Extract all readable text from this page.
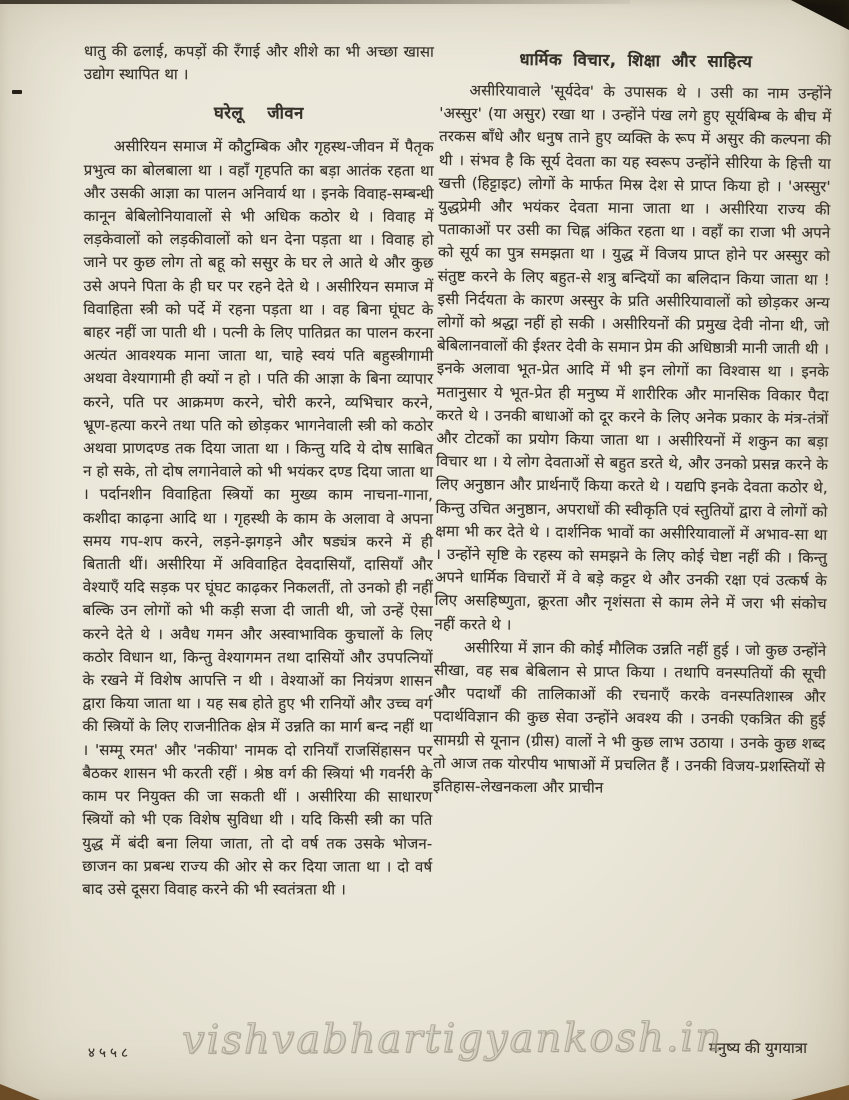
धातु की ढलाई, कपड़ों की रँगाई और शीशे का भी अच्छा खासा उद्योग स्थापित था ।

घरेलू जीवन

असीरियन समाज में कौटुम्बिक और गृहस्थ-जीवन में पैतृक प्रभुत्व का बोलबाला था । वहाँ गृहपति का बड़ा आतंक रहता था और उसकी आज्ञा का पालन अनिवार्य था । इनके विवाह-सम्बन्धी कानून बेबिलोनियावालों से भी अधिक कठोर थे । विवाह में लड़केवालों को लड़कीवालों को धन देना पड़ता था । विवाह हो जाने पर कुछ लोग तो बहू को ससुर के घर ले आते थे और कुछ उसे अपने पिता के ही घर पर रहने देते थे । असीरियन समाज में विवाहिता स्त्री को पर्दे में रहना पड़ता था । वह बिना घूंघट के बाहर नहीं जा पाती थी । पत्नी के लिए पातिव्रत का पालन करना अत्यंत आवश्यक माना जाता था, चाहे स्वयं पति बहुस्त्रीगामी अथवा वेश्यागामी ही क्यों न हो । पति की आज्ञा के बिना व्यापार करने, पति पर आक्रमण करने, चोरी करने, व्यभिचार करने, भ्रूण-हत्या करने तथा पति को छोड़कर भागनेवाली स्त्री को कठोर अथवा प्राणदण्ड तक दिया जाता था । किन्तु यदि ये दोष साबित न हो सके, तो दोष लगानेवाले को भी भयंकर दण्ड दिया जाता था । पर्दानशीन विवाहिता स्त्रियों का मुख्य काम नाचना-गाना, कशीदा काढ़ना आदि था । गृहस्थी के काम के अलावा वे अपना समय गप-शप करने, लड़ने-झगड़ने और षड्यंत्र करने में ही बिताती थीं। असीरिया में अविवाहित देवदासियाँ, दासियाँ और वेश्याएँ यदि सड़क पर घूंघट काढ़कर निकलतीं, तो उनको ही नहीं बल्कि उन लोगों को भी कड़ी सजा दी जाती थी, जो उन्हें ऐसा करने देते थे । अवैध गमन और अस्वाभाविक कुचालों के लिए कठोर विधान था, किन्तु वेश्यागमन तथा दासियों और उपपत्नियों के रखने में विशेष आपत्ति न थी । वेश्याओं का नियंत्रण शासन द्वारा किया जाता था । यह सब होते हुए भी रानियों और उच्च वर्ग की स्त्रियों के लिए राजनीतिक क्षेत्र में उन्नति का मार्ग बन्द नहीं था । 'सम्मू रमत' और 'नकीया' नामक दो रानियाँ राजसिंहासन पर बैठकर शासन भी करती रहीं । श्रेष्ठ वर्ग की स्त्रियां भी गवर्नरी के काम पर नियुक्त की जा सकती थीं । असीरिया की साधारण स्त्रियों को भी एक विशेष सुविधा थी । यदि किसी स्त्री का पति युद्ध में बंदी बना लिया जाता, तो दो वर्ष तक उसके भोजन-छाजन का प्रबन्ध राज्य की ओर से कर दिया जाता था । दो वर्ष बाद उसे दूसरा विवाह करने की भी स्वतंत्रता थी ।

धार्मिक विचार, शिक्षा और साहित्य

असीरियावाले 'सूर्यदेव' के उपासक थे । उसी का नाम उन्होंने 'अस्सुर' (या असुर) रखा था । उन्होंने पंख लगे हुए सूर्यबिम्ब के बीच में तरकस बाँधे और धनुष ताने हुए व्यक्ति के रूप में असुर की कल्पना की थी । संभव है कि सूर्य देवता का यह स्वरूप उन्होंने सीरिया के हित्ती या खत्ती (हिट्टाइट) लोगों के मार्फत मिस्र देश से प्राप्त किया हो । 'अस्सुर' युद्धप्रेमी और भयंकर देवता माना जाता था । असीरिया राज्य की पताकाओं पर उसी का चिह्न अंकित रहता था । वहाँ का राजा भी अपने को सूर्य का पुत्र समझता था । युद्ध में विजय प्राप्त होने पर अस्सुर को संतुष्ट करने के लिए बहुत-से शत्रु बन्दियों का बलिदान किया जाता था ! इसी निर्दयता के कारण अस्सुर के प्रति असीरियावालों को छोड़कर अन्य लोगों को श्रद्धा नहीं हो सकी । असीरियनों की प्रमुख देवी नोना थी, जो बेबिलानवालों की ईश्तर देवी के समान प्रेम की अधिष्ठात्री मानी जाती थी । इनके अलावा भूत-प्रेत आदि में भी इन लोगों का विश्वास था । इनके मतानुसार ये भूत-प्रेत ही मनुष्य में शारीरिक और मानसिक विकार पैदा करते थे । उनकी बाधाओं को दूर करने के लिए अनेक प्रकार के मंत्र-तंत्रों और टोटकों का प्रयोग किया जाता था । असीरियनों में शकुन का बड़ा विचार था । ये लोग देवताओं से बहुत डरते थे, और उनको प्रसन्न करने के लिए अनुष्ठान और प्रार्थनाएँ किया करते थे । यद्यपि इनके देवता कठोर थे, किन्तु उचित अनुष्ठान, अपराधों की स्वीकृति एवं स्तुतियों द्वारा वे लोगों को क्षमा भी कर देते थे । दार्शनिक भावों का असीरियावालों में अभाव-सा था । उन्होंने सृष्टि के रहस्य को समझने के लिए कोई चेष्टा नहीं की । किन्तु अपने धार्मिक विचारों में वे बड़े कट्टर थे और उनकी रक्षा एवं उत्कर्ष के लिए असहिष्णुता, क्रूरता और नृशंसता से काम लेने में जरा भी संकोच नहीं करते थे ।

असीरिया में ज्ञान की कोई मौलिक उन्नति नहीं हुई । जो कुछ उन्होंने सीखा, वह सब बेबिलान से प्राप्त किया । तथापि वनस्पतियों की सूची और पदार्थों की तालिकाओं की रचनाएँ करके वनस्पतिशास्त्र और पदार्थविज्ञान की कुछ सेवा उन्होंने अवश्य की । उनकी एकत्रित की हुई सामग्री से यूनान (ग्रीस) वालों ने भी कुछ लाभ उठाया । उनके कुछ शब्द तो आज तक योरपीय भाषाओं में प्रचलित हैं । उनकी विजय-प्रशस्तियों से इतिहास-लेखनकला और प्राचीन

vishvabhartigyankosh.in
४५५८	मनुष्य की युगयात्रा
